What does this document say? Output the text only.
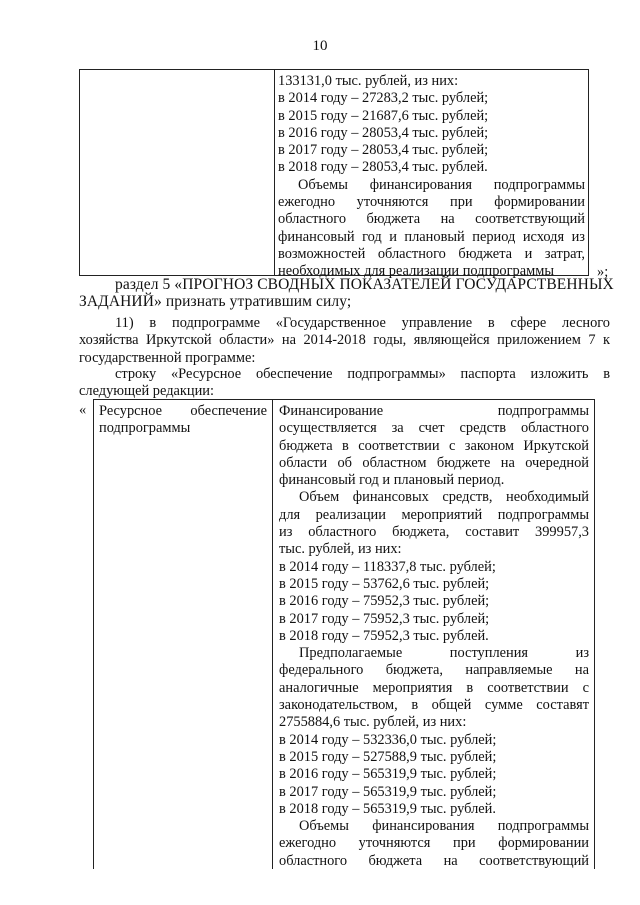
10
133131,0 тыс. рублей, из них:
в 2014 году – 27283,2 тыс. рублей;
в 2015 году – 21687,6 тыс. рублей;
в 2016 году – 28053,4 тыс. рублей;
в 2017 году – 28053,4 тыс. рублей;
в 2018 году – 28053,4 тыс. рублей.
Объемы финансирования подпрограммы
ежегодно уточняются при формировании
областного бюджета на соответствующий
финансовый год и плановый период исходя из
возможностей областного бюджета и затрат,
необходимых для реализации подпрограммы	»;
раздел 5 «ПРОГНОЗ СВОДНЫХ ПОКАЗАТЕЛЕЙ ГОСУДАРСТВЕННЫХ
ЗАДАНИЙ» признать утратившим силу;
11) в подпрограмме «Государственное управление в сфере лесного
хозяйства Иркутской области» на 2014-2018 годы, являющейся приложением 7 к
государственной программе:
строку «Ресурсное обеспечение подпрограммы» паспорта изложить в
следующей редакции:
« Ресурсное обеспечение
подпрограммы
Финансирование подпрограммы
осуществляется за счет средств областного
бюджета в соответствии с законом Иркутской
области об областном бюджете на очередной
финансовый год и плановый период.
Объем финансовых средств, необходимый
для реализации мероприятий подпрограммы
из областного бюджета, составит 399957,3
тыс. рублей, из них:
в 2014 году – 118337,8 тыс. рублей;
в 2015 году – 53762,6 тыс. рублей;
в 2016 году – 75952,3 тыс. рублей;
в 2017 году – 75952,3 тыс. рублей;
в 2018 году – 75952,3 тыс. рублей.
Предполагаемые поступления из
федерального бюджета, направляемые на
аналогичные мероприятия в соответствии с
законодательством, в общей сумме составят
2755884,6 тыс. рублей, из них:
в 2014 году – 532336,0 тыс. рублей;
в 2015 году – 527588,9 тыс. рублей;
в 2016 году – 565319,9 тыс. рублей;
в 2017 году – 565319,9 тыс. рублей;
в 2018 году – 565319,9 тыс. рублей.
Объемы финансирования подпрограммы
ежегодно уточняются при формировании
областного бюджета на соответствующий
